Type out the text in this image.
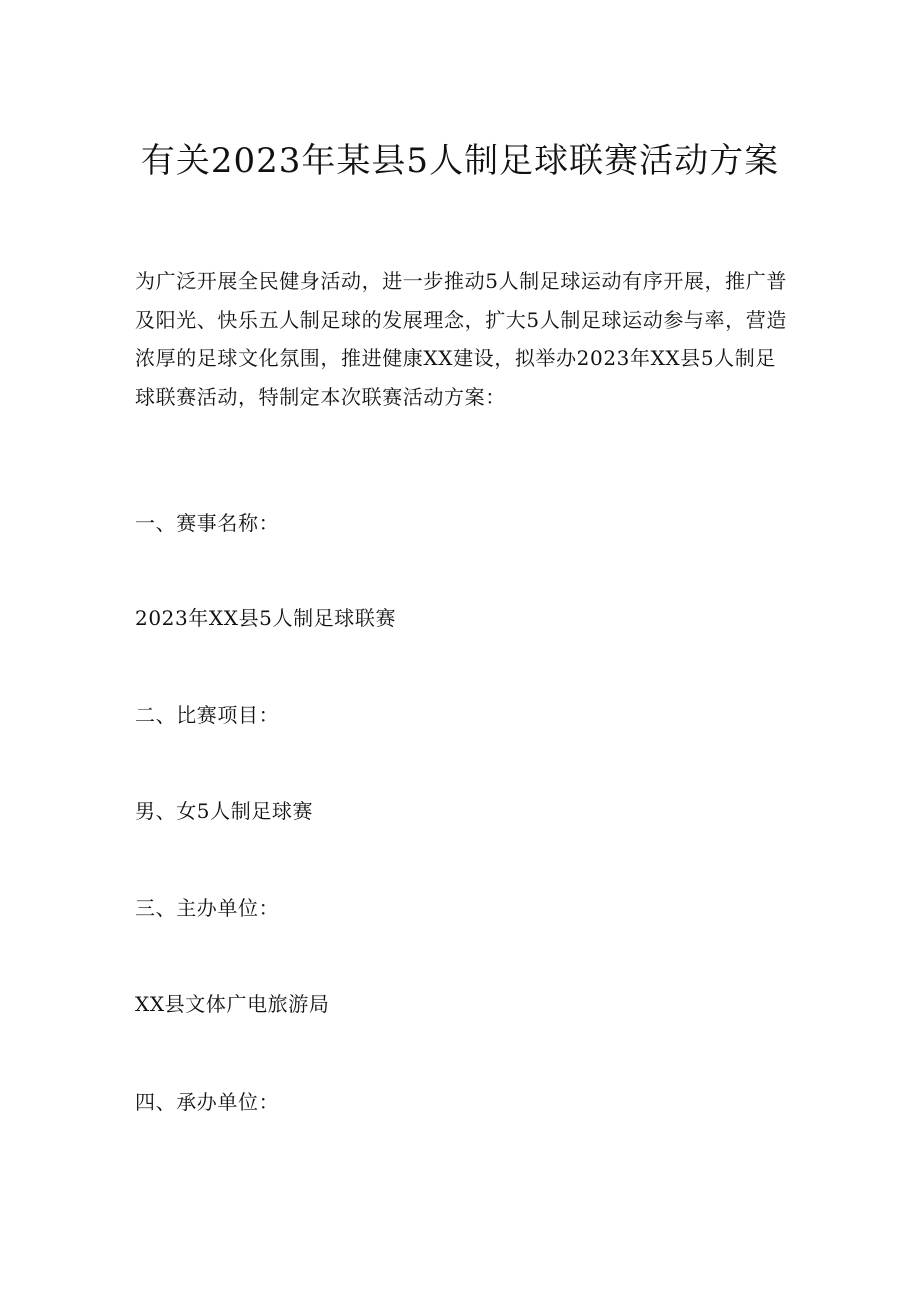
有关2023年某县5人制足球联赛活动方案

为广泛开展全民健身活动，进一步推动5人制足球运动有序开展，推广普及阳光、快乐五人制足球的发展理念，扩大5人制足球运动参与率，营造浓厚的足球文化氛围，推进健康XX建设，拟举办2023年XX县5人制足球联赛活动，特制定本次联赛活动方案：

一、赛事名称：

2023年XX县5人制足球联赛

二、比赛项目：

男、女5人制足球赛

三、主办单位：

XX县文体广电旅游局

四、承办单位：
